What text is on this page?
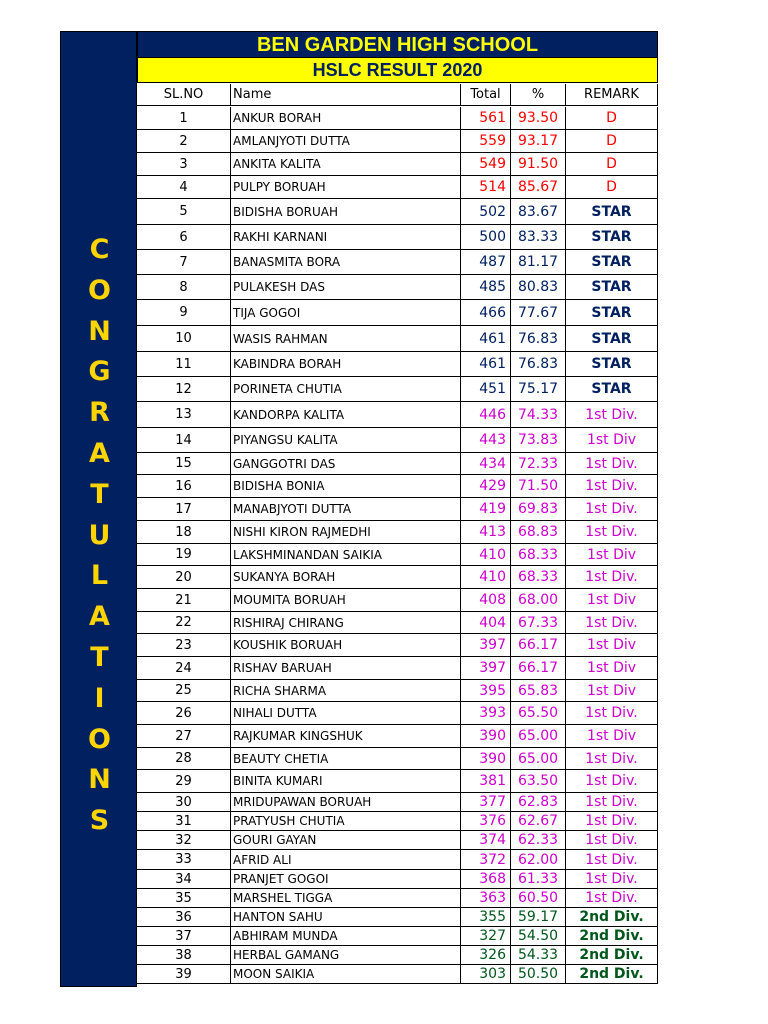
C
O
N
G
R
A
T
U
L
A
T
I
O
N
S
BEN GARDEN HIGH SCHOOL
HSLC RESULT 2020
SL.NO	Name	Total	%	REMARK
1	ANKUR BORAH	561 93.50	D
2	AMLANJYOTI DUTTA	559 93.17	D
3	ANKITA KALITA	549 91.50	D
4	PULPY BORUAH	514 85.67	D
5	BIDISHA BORUAH	502 83.67	STAR
6	RAKHI KARNANI	500 83.33	STAR
7	BANASMITA BORA	487 81.17	STAR
8	PULAKESH DAS	485 80.83	STAR
9	TIJA GOGOI	466 77.67	STAR
10	WASIS RAHMAN	461 76.83	STAR
11	KABINDRA BORAH	461 76.83	STAR
12	PORINETA CHUTIA	451 75.17	STAR
13	KANDORPA KALITA	446 74.33	1st Div.
14	PIYANGSU KALITA	443 73.83	1st Div
15	GANGGOTRI DAS	434 72.33	1st Div.
16	BIDISHA BONIA	429 71.50	1st Div.
17	MANABJYOTI DUTTA	419 69.83	1st Div.
18	NISHI KIRON RAJMEDHI	413 68.83	1st Div.
19	LAKSHMINANDAN SAIKIA	410 68.33	1st Div
20	SUKANYA BORAH	410 68.33	1st Div.
21	MOUMITA BORUAH	408 68.00	1st Div
22	RISHIRAJ CHIRANG	404 67.33	1st Div.
23	KOUSHIK BORUAH	397 66.17	1st Div
24	RISHAV BARUAH	397 66.17	1st Div
25	RICHA SHARMA	395 65.83	1st Div
26	NIHALI DUTTA	393 65.50	1st Div.
27	RAJKUMAR KINGSHUK	390 65.00	1st Div
28	BEAUTY CHETIA	390 65.00	1st Div.
29	BINITA KUMARI	381 63.50	1st Div.
30	MRIDUPAWAN BORUAH	377 62.83	1st Div.
31	PRATYUSH CHUTIA	376 62.67	1st Div.
32	GOURI GAYAN	374 62.33	1st Div.
33	AFRID ALI	372 62.00	1st Div.
34	PRANJET GOGOI	368 61.33	1st Div.
35	MARSHEL TIGGA	363 60.50	1st Div.
36	HANTON SAHU	355 59.17	2nd Div.
37	ABHIRAM MUNDA	327 54.50	2nd Div.
38	HERBAL GAMANG	326 54.33	2nd Div.
39	MOON SAIKIA	303 50.50	2nd Div.
